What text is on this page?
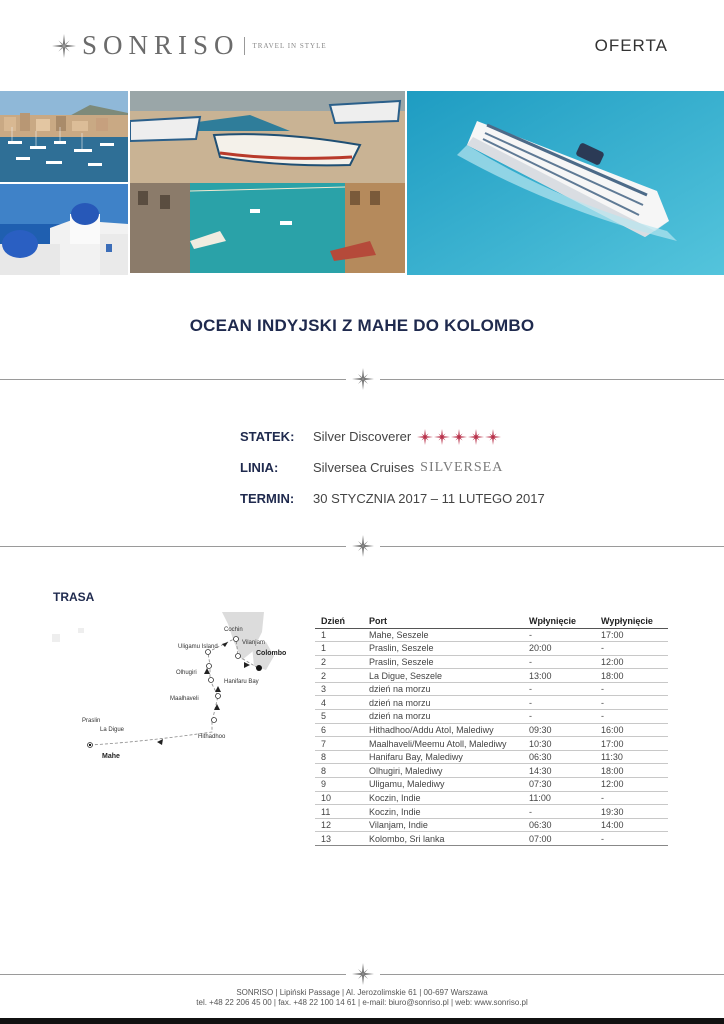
SONRISO TRAVEL IN STYLE	OFERTA
OCEAN INDYJSKI Z MAHE DO KOLOMBO
STATEK:	Silver Discoverer
LINIA:	Silversea Cruises SILVERSEA
TERMIN:	30 STYCZNIA 2017 – 11 LUTEGO 2017
TRASA
Cochin
Vilanjam
Uligamu Island
Olhugiri
Hanifaru Bay
Maalhaveli
Hithadhoo
Praslin
La Digue
Colombo
Mahe
Dzień	Port	Wpłynięcie	Wypłynięcie
1	Mahe, Seszele	-	17:00
1	Praslin, Seszele	20:00	-
2	Praslin, Seszele	-	12:00
2	La Digue, Seszele	13:00	18:00
3	dzień na morzu	-	-
4	dzień na morzu	-	-
5	dzień na morzu	-	-
6	Hithadhoo/Addu Atol, Malediwy	09:30	16:00
7	Maalhaveli/Meemu Atoll, Malediwy	10:30	17:00
8	Hanifaru Bay, Malediwy	06:30	11:30
8	Olhugiri, Malediwy	14:30	18:00
9	Uligamu, Malediwy	07:30	12:00
10	Koczin, Indie	11:00	-
11	Koczin, Indie	-	19:30
12	Vilanjam, Indie	06:30	14:00
13	Kolombo, Sri lanka	07:00	-
SONRISO | Lipiński Passage | Al. Jerozolimskie 61 | 00-697 Warszawa
tel. +48 22 206 45 00 | fax. +48 22 100 14 61 | e-mail: biuro@sonriso.pl | web: www.sonriso.pl
